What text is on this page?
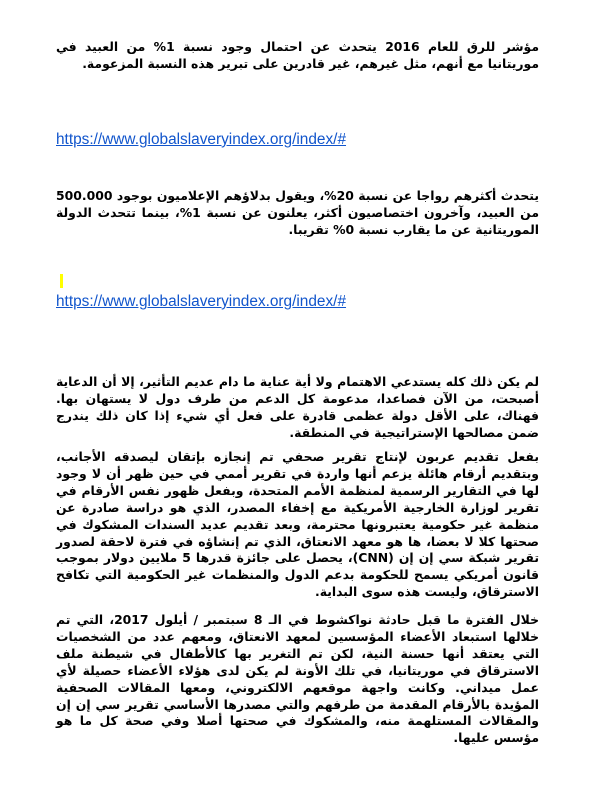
مؤشر للرق للعام 2016 يتحدث عن احتمال وجود نسبة 1% من العبيد في موريتانيا مع أنهم، مثل غيرهم، غير قادرين على تبرير هذه النسبة المزعومة.

https://www.globalslaveryindex.org/index/#

يتحدث أكثرهم رواجا عن نسبة 20%، ويقول بدلاؤهم الإعلاميون بوجود 500.000 من العبيد، وآخرون اختصاصيون أكثر، يعلنون عن نسبة 1%، بينما تتحدث الدولة الموريتانية عن ما يقارب نسبة 0% تقريبا.

https://www.globalslaveryindex.org/index/#

لم يكن ذلك كله يستدعي الاهتمام ولا أية عناية ما دام عديم التأثير، إلا أن الدعاية أصبحت، من الآن فصاعدا، مدعومة كل الدعم من طرف دول لا يستهان بها. فهناك، على الأقل دولة عظمى قادرة على فعل أي شيء إذا كان ذلك يندرج ضمن مصالحها الإستراتيجية في المنطقة.

بفعل تقديم عربون لإنتاج تقرير صحفي تم إنجازه بإتقان ليصدقه الأجانب، وبتقديم أرقام هائلة يزعم أنها واردة في تقرير أممي في حين ظهر أن لا وجود لها في التقارير الرسمية لمنظمة الأمم المتحدة، وبفعل ظهور نفس الأرقام في تقرير لوزارة الخارجية الأمريكية مع إخفاء المصدر، الذي هو دراسة صادرة عن منظمة غير حكومية يعتبرونها محترمة، وبعد تقديم عديد السندات المشكوك في صحتها كلا لا بعضا، ها هو معهد الانعتاق، الذي تم إنشاؤه في فترة لاحقة لصدور تقرير شبكة سي إن إن (CNN)، يحصل على جائزة قدرها 5 ملايين دولار بموجب قانون أمريكي يسمح للحكومة بدعم الدول والمنظمات غير الحكومية التي تكافح الاسترقاق، وليست هذه سوى البداية.

خلال الفترة ما قبل حادثة نواكشوط في الـ 8 سبتمبر / أيلول 2017، التي تم خلالها استبعاد الأعضاء المؤسسين لمعهد الانعتاق، ومعهم عدد من الشخصيات التي يعتقد أنها حسنة النية، لكن تم التغرير بها كالأطفال في شيطنة ملف الاسترقاق في موريتانيا، في تلك الأونة لم يكن لدى هؤلاء الأعضاء حصيلة لأي عمل ميداني. وكانت واجهة موقعهم الالكتروني، ومعها المقالات الصحفية المؤيدة بالأرقام المقدمة من طرفهم والتي مصدرها الأساسي تقرير سي إن إن والمقالات المستلهمة منه، والمشكوك في صحتها أصلا وفي صحة كل ما هو مؤسس عليها.
